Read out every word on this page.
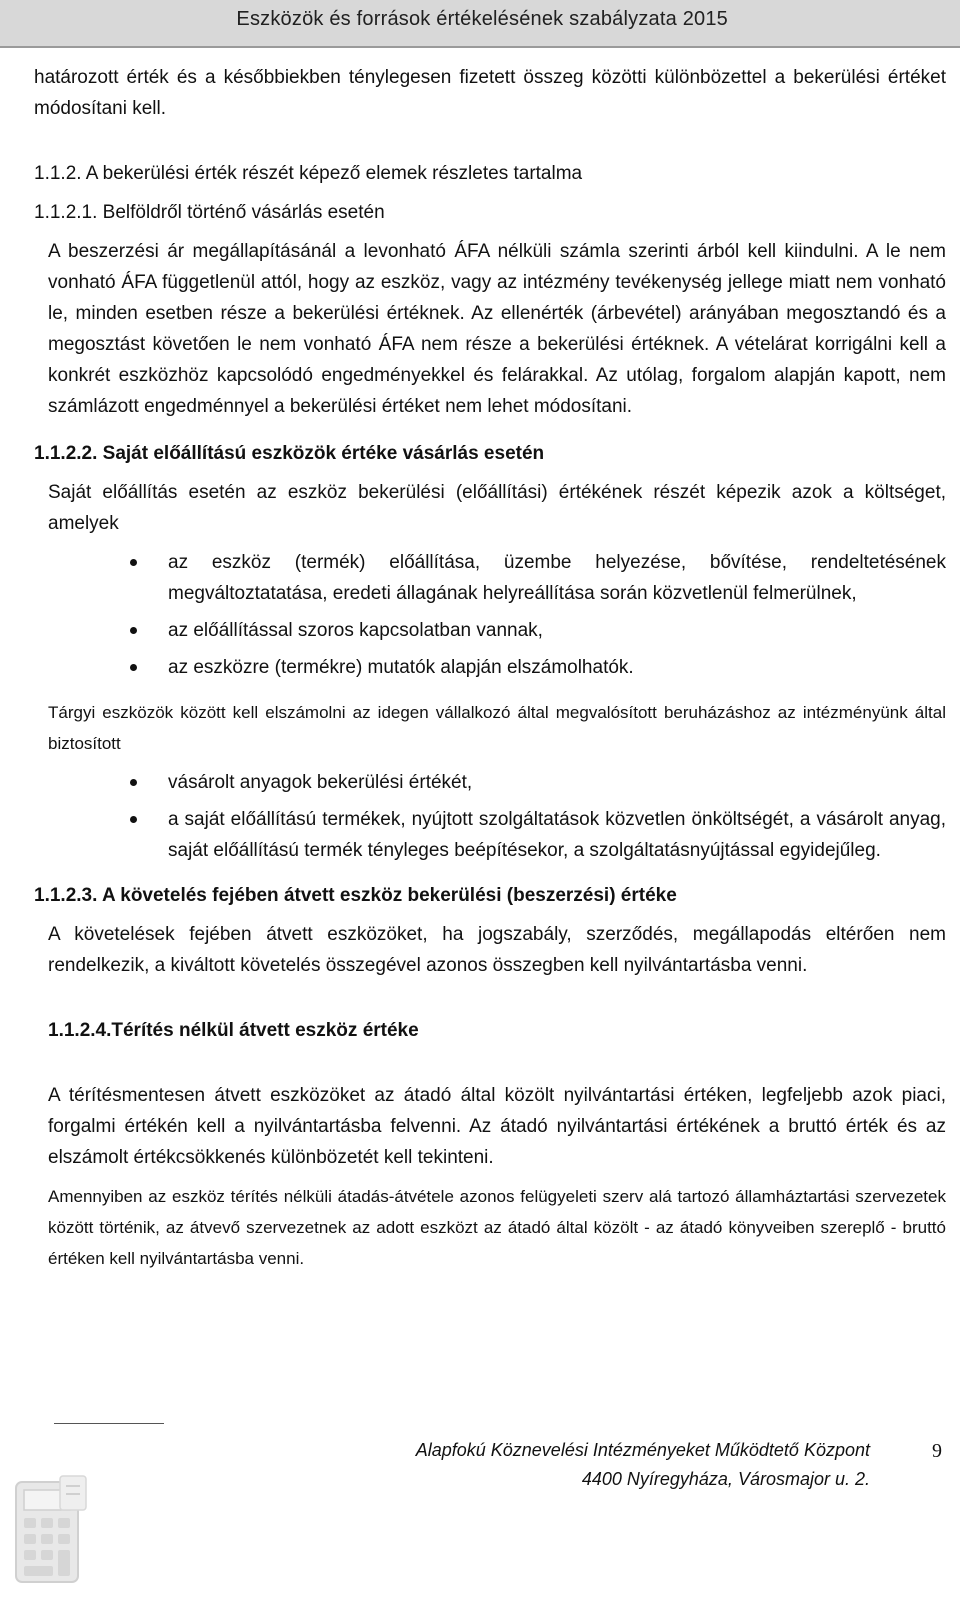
Eszközök és források értékelésének szabályzata 2015

határozott érték és a későbbiekben ténylegesen fizetett összeg közötti különbözettel a bekerülési értéket módosítani kell.

1.1.2. A bekerülési érték részét képező elemek részletes tartalma

1.1.2.1. Belföldről történő vásárlás esetén

A beszerzési ár megállapításánál a levonható ÁFA nélküli számla szerinti árból kell kiindulni. A le nem vonható ÁFA függetlenül attól, hogy az eszköz, vagy az intézmény tevékenység jellege miatt nem vonható le, minden esetben része a bekerülési értéknek. Az ellenérték (árbevétel) arányában megosztandó és a megosztást követően le nem vonható ÁFA nem része a bekerülési értéknek. A vételárat korrigálni kell a konkrét eszközhöz kapcsolódó engedményekkel és felárakkal. Az utólag, forgalom alapján kapott, nem számlázott engedménnyel a bekerülési értéket nem lehet módosítani.

1.1.2.2. Saját előállítású eszközök értéke vásárlás esetén

Saját előállítás esetén az eszköz bekerülési (előállítási) értékének részét képezik azok a költséget, amelyek

az eszköz (termék) előállítása, üzembe helyezése, bővítése, rendeltetésének megváltoztatatása, eredeti állagának helyreállítása során közvetlenül felmerülnek,
az előállítással szoros kapcsolatban vannak,
az eszközre (termékre) mutatók alapján elszámolhatók.

Tárgyi eszközök között kell elszámolni az idegen vállalkozó által megvalósított beruházáshoz az intézményünk által biztosított

vásárolt anyagok bekerülési értékét,
a saját előállítású termékek, nyújtott szolgáltatások közvetlen önköltségét, a vásárolt anyag, saját előállítású termék tényleges beépítésekor, a szolgáltatásnyújtással egyidejűleg.

1.1.2.3. A követelés fejében átvett eszköz bekerülési (beszerzési) értéke

A követelések fejében átvett eszközöket, ha jogszabály, szerződés, megállapodás eltérően nem rendelkezik, a kiváltott követelés összegével azonos összegben kell nyilvántartásba venni.

1.1.2.4.Térítés nélkül átvett eszköz értéke

A térítésmentesen átvett eszközöket az átadó által közölt nyilvántartási értéken, legfeljebb azok piaci, forgalmi értékén kell a nyilvántartásba felvenni. Az átadó nyilvántartási értékének a bruttó érték és az elszámolt értékcsökkenés különbözetét kell tekinteni.

Amennyiben az eszköz térítés nélküli átadás-átvétele azonos felügyeleti szerv alá tartozó államháztartási szervezetek között történik, az átvevő szervezetnek az adott eszközt az átadó által közölt - az átadó könyveiben szereplő - bruttó értéken kell nyilvántartásba venni.

Alapfokú Köznevelési Intézményeket Működtető Központ
4400 Nyíregyháza, Városmajor u. 2.
9
